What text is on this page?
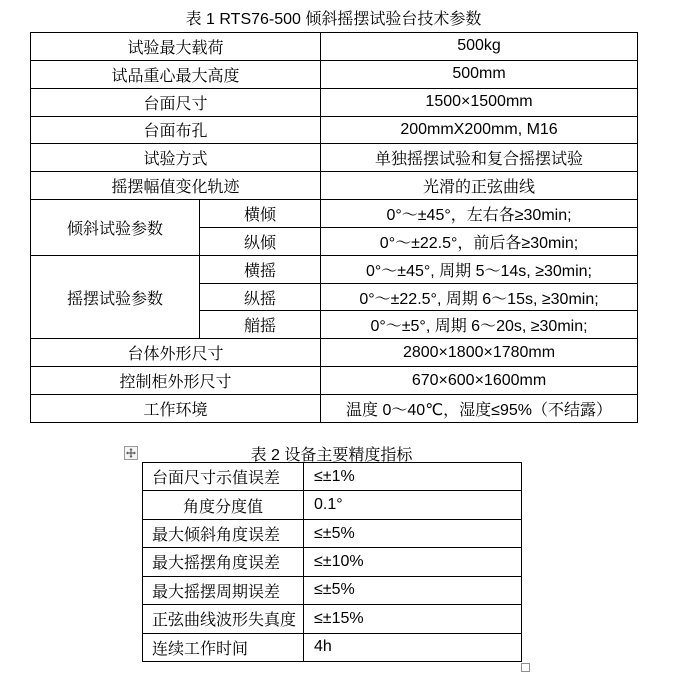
表 1 RTS76-500 倾斜摇摆试验台技术参数
试验最大载荷		500kg
试品重心最大高度		500mm
台面尺寸		1500×1500mm
台面布孔		200mmX200mm, M16
试验方式		单独摇摆试验和复合摇摆试验
摇摆幅值变化轨迹		光滑的正弦曲线
倾斜试验参数	横倾	0°～±45°，左右各≥30min;
	纵倾	0°～±22.5°，前后各≥30min;
摇摆试验参数	横摇	0°～±45°, 周期 5～14s, ≥30min;
	纵摇	0°～±22.5°, 周期 6～15s, ≥30min;
	艏摇	0°～±5°, 周期 6～20s, ≥30min;
台体外形尺寸		2800×1800×1780mm
控制柜外形尺寸		670×600×1600mm
工作环境		温度 0～40℃，湿度≤95%（不结露）
表 2 设备主要精度指标
台面尺寸示值误差	≤±1%
角度分度值	0.1°
最大倾斜角度误差	≤±5%
最大摇摆角度误差	≤±10%
最大摇摆周期误差	≤±5%
正弦曲线波形失真度	≤±15%
连续工作时间	4h
